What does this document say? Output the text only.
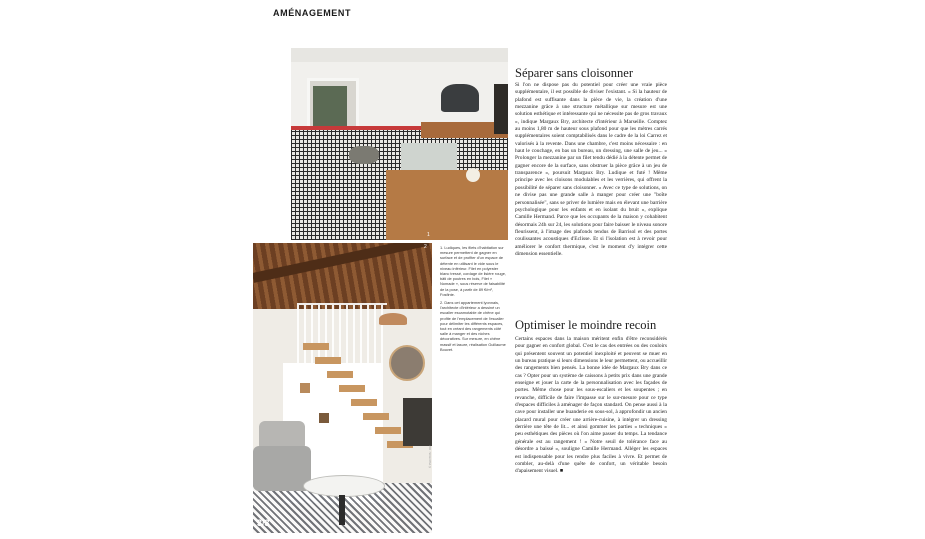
AMÉNAGEMENT
1
2
3/3

1. Ludiques, les filets d'habitation sur mesure permettent de gagner en surface et de profiter d'un espace de détente en utilisant le vide sous le niveau inférieur. Filet en polyester blanc tressé, cordage de lisière rouge, bâti de poutres en bois, Filet « Nomade », sous réserve de faisabilité de la pose, à partir de 89 €/m², Fosfinte.

2. Dans cet appartement lyonnais, l'architecte d'intérieur a dessiné un escalier escamotable de chêne qui profite de l'emplacement de l'escalier pour délimiter les différents espaces, tout en créant des rangements côté salle à manger et des niches décoratives. Sur mesure, en chêne massif et lasure, réalisation Guillaume Bouvet.

© PHOTOS : DR
Séparer sans cloisonner

Si l'on ne dispose pas du potentiel pour créer une vraie pièce supplémentaire, il est possible de diviser l'existant. « Si la hauteur de plafond est suffisante dans la pièce de vie, la création d'une mezzanine grâce à une structure métallique sur mesure est une solution esthétique et intéressante qui ne nécessite pas de gros travaux », indique Margaux Bry, architecte d'intérieur à Marseille. Comptez au moins 1,80 m de hauteur sous plafond pour que les mètres carrés supplémentaires soient comptabilisés dans le cadre de la loi Carrez et valorisés à la revente. Dans une chambre, c'est moins nécessaire : en haut le couchage, en bas un bureau, un dressing, une salle de jeu... « Prolonger la mezzanine par un filet tendu dédié à la détente permet de gagner encore de la surface, sans obstruer la pièce grâce à un jeu de transparence », poursuit Margaux Bry. Ludique et futé ! Même principe avec les cloisons modulables et les verrières, qui offrent la possibilité de séparer sans cloisonner. « Avec ce type de solutions, on ne divise pas une grande salle à manger pour créer une "boîte personnalisée", sans se priver de lumière mais en élevant une barrière psychologique pour les enfants et en isolant du bruit », explique Camille Hermand. Parce que les occupants de la maison y cohabitent désormais 24h sur 24, les solutions pour faire baisser le niveau sonore fleurissent, à l'image des plafonds tendus de Barrisol et des portes coulissantes acoustiques d'Eclisse. Et si l'isolation est à revoir pour améliorer le confort thermique, c'est le moment d'y intégrer cette dimension essentielle.

Optimiser le moindre recoin

Certains espaces dans la maison méritent enfin d'être reconsidérés pour gagner en confort global. C'est le cas des entrées ou des couloirs qui présentent souvent un potentiel inexploité et peuvent se muer en un bureau pratique si leurs dimensions le leur permettent, ou accueillir des rangements bien pensés. La bonne idée de Margaux Bry dans ce cas ? Opter pour un système de caissons à petits prix dans une grande enseigne et jouer la carte de la personnalisation avec les façades de portes. Même chose pour les sous-escaliers et les soupentes ; en revanche, difficile de faire l'impasse sur le sur-mesure pour ce type d'espaces difficiles à aménager de façon standard. On pense aussi à la cave pour installer une buanderie en sous-sol, à approfondir un ancien placard mural pour créer une arrière-cuisine, à intégrer un dressing derrière une tête de lit... et ainsi gommer les parties « techniques » peu esthétiques des pièces où l'on aime passer du temps. La tendance générale est au rangement ! « Notre seuil de tolérance face au désordre a baissé », souligne Camille Hermand. Alléger les espaces est indispensable pour les rendre plus faciles à vivre. Et permet de combler, au-delà d'une quête de confort, un véritable besoin d'apaisement visuel. ■
